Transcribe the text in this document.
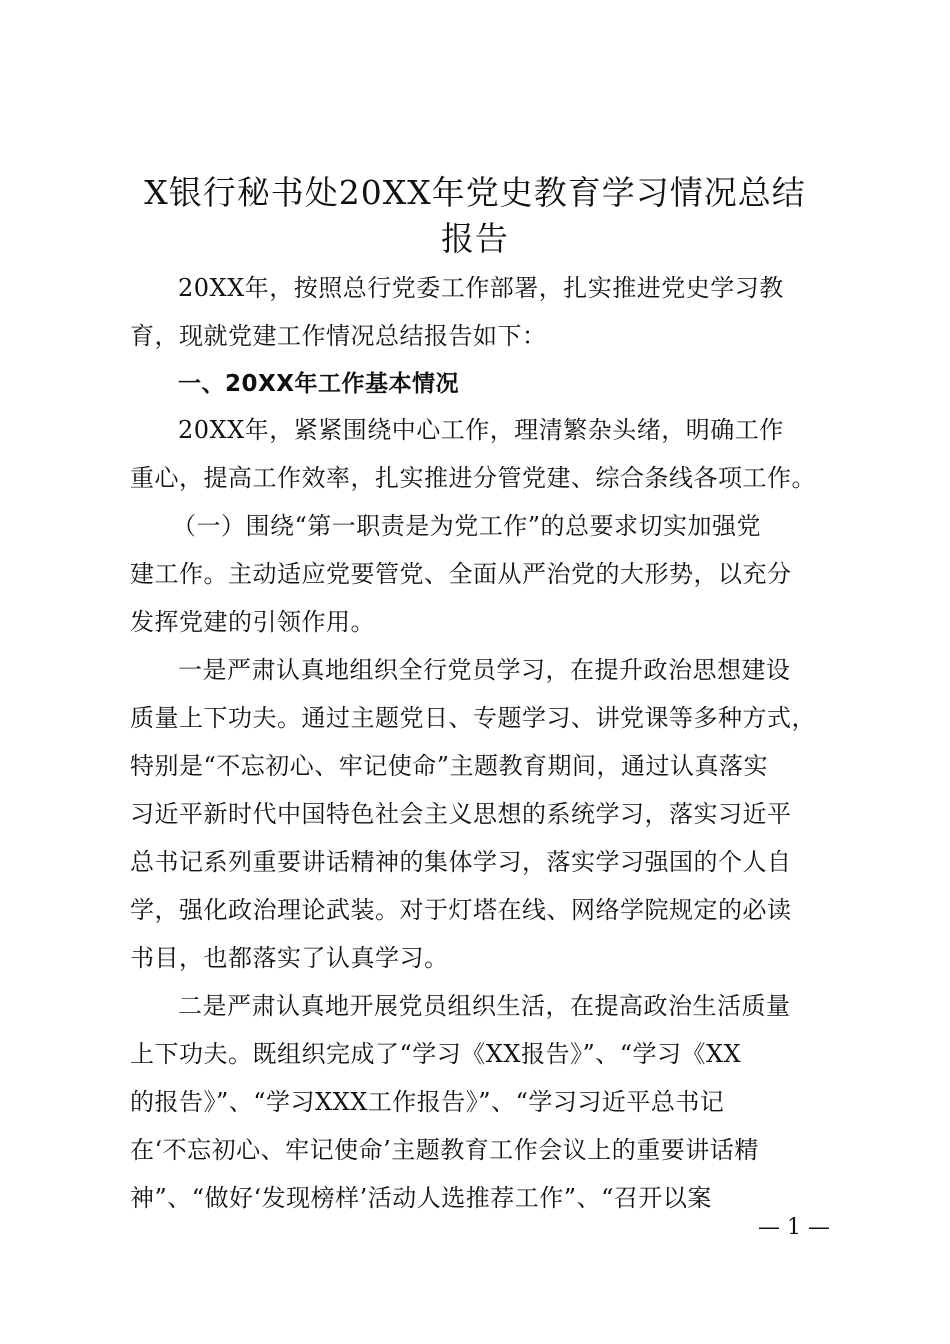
X银行秘书处20XX年党史教育学习情况总结
报告
20XX年，按照总行党委工作部署，扎实推进党史学习教
育，现就党建工作情况总结报告如下：
一、20XX年工作基本情况
20XX年，紧紧围绕中心工作，理清繁杂头绪，明确工作
重心，提高工作效率，扎实推进分管党建、综合条线各项工作。
（一）围绕“第一职责是为党工作”的总要求切实加强党
建工作。主动适应党要管党、全面从严治党的大形势，以充分
发挥党建的引领作用。
一是严肃认真地组织全行党员学习，在提升政治思想建设
质量上下功夫。通过主题党日、专题学习、讲党课等多种方式，
特别是“不忘初心、牢记使命”主题教育期间，通过认真落实
习近平新时代中国特色社会主义思想的系统学习，落实习近平
总书记系列重要讲话精神的集体学习，落实学习强国的个人自
学，强化政治理论武装。对于灯塔在线、网络学院规定的必读
书目，也都落实了认真学习。
二是严肃认真地开展党员组织生活，在提高政治生活质量
上下功夫。既组织完成了“学习《XX报告》”、“学习《XX
的报告》”、“学习XXX工作报告》”、“学习习近平总书记
在‘不忘初心、牢记使命’主题教育工作会议上的重要讲话精
神”、“做好‘发现榜样’活动人选推荐工作”、“召开以案
— 1 —
